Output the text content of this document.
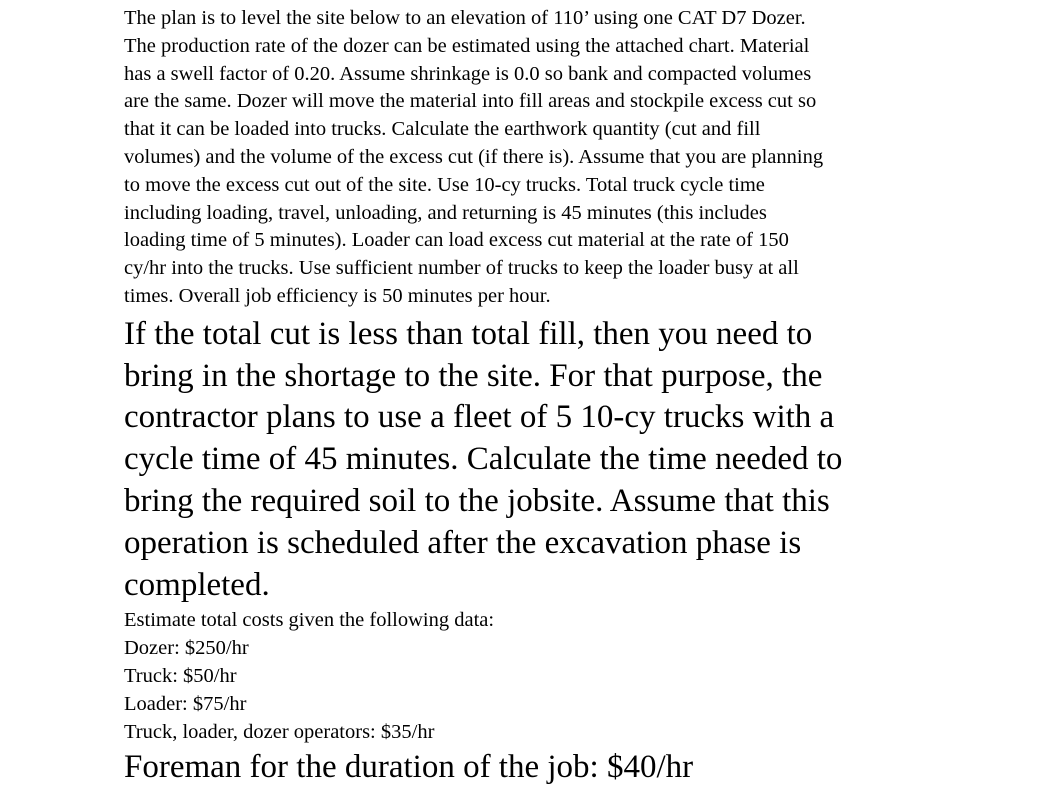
The plan is to level the site below to an elevation of 110’ using one CAT D7 Dozer.
The production rate of the dozer can be estimated using the attached chart. Material
has a swell factor of 0.20. Assume shrinkage is 0.0 so bank and compacted volumes
are the same. Dozer will move the material into fill areas and stockpile excess cut so
that it can be loaded into trucks. Calculate the earthwork quantity (cut and fill
volumes) and the volume of the excess cut (if there is). Assume that you are planning
to move the excess cut out of the site. Use 10-cy trucks. Total truck cycle time
including loading, travel, unloading, and returning is 45 minutes (this includes
loading time of 5 minutes). Loader can load excess cut material at the rate of 150
cy/hr into the trucks. Use sufficient number of trucks to keep the loader busy at all
times. Overall job efficiency is 50 minutes per hour.

If the total cut is less than total fill, then you need to
bring in the shortage to the site. For that purpose, the
contractor plans to use a fleet of 5 10-cy trucks with a
cycle time of 45 minutes. Calculate the time needed to
bring the required soil to the jobsite. Assume that this
operation is scheduled after the excavation phase is
completed.

Estimate total costs given the following data:
Dozer: $250/hr
Truck: $50/hr
Loader: $75/hr
Truck, loader, dozer operators: $35/hr

Foreman for the duration of the job: $40/hr
